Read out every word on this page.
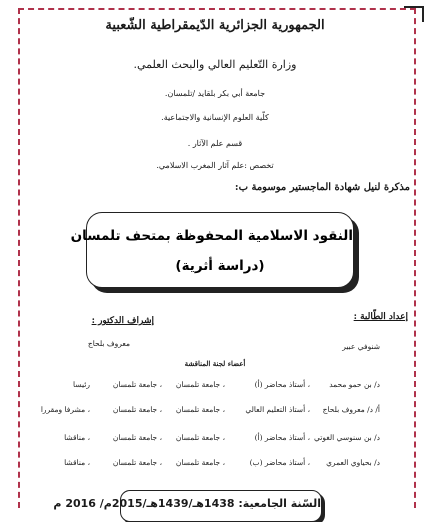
الجمهورية الجزائرية الدّيمقراطية الشّعبية
وزارة التّعليم العالي والبحث العلمي.
جامعة أبي بكر بلقايد /تلمسان.
كلّية العلوم الإنسانية والاجتماعية.
قسم علم الآثار .
تخصص :علم آثار المغرب الاسلامي.
مذكرة لنيل شهادة الماجستير موسومة ب:
النقود الاسلامية المحفوظة بمتحف تلمسان
(دراسة أثرية)
إعداد الطّالبة :
شنوفي عبير
إشراف الدكتور :
معروف بلحاج
أعضاء لجنة المناقشة
د/ بن حمو محمد
، أستاذ محاضر (أ)
، جامعة تلمسان
، جامعة تلمسان
رئيسا
أ/ د/ معروف بلحاج
، أستاذ التعليم العالي
، جامعة تلمسان
، جامعة تلمسان
، مشرفا ومقررا
د/ بن سنوسي الغوتي
، أستاذ محاضر (أ)
، جامعة تلمسان
، جامعة تلمسان
، مناقشا
د/ بحياوي العمري
، أستاذ محاضر (ب)
، جامعة تلمسان
، جامعة تلمسان
، مناقشا
السّنة الجامعية: 1438هـ/1439هـ/2015م/ 2016 م
